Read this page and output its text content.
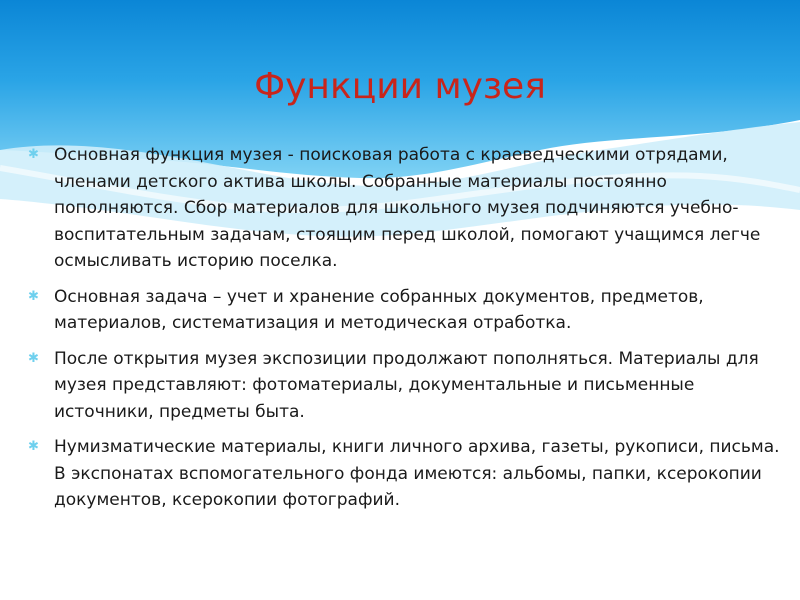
Функции музея
✱ Основная функция музея - поисковая работа с краеведческими отрядами, членами детского актива школы. Собранные материалы постоянно пополняются. Сбор материалов для школьного музея подчиняются учебно-воспитательным задачам, стоящим перед школой, помогают учащимся легче осмысливать историю поселка.
✱ Основная задача – учет и хранение собранных документов, предметов, материалов, систематизация и методическая отработка.
✱ После открытия музея экспозиции продолжают пополняться. Материалы для музея представляют: фотоматериалы, документальные и письменные источники, предметы быта.
✱ Нумизматические материалы, книги личного архива, газеты, рукописи, письма. В экспонатах вспомогательного фонда имеются: альбомы, папки, ксерокопии документов, ксерокопии фотографий.
